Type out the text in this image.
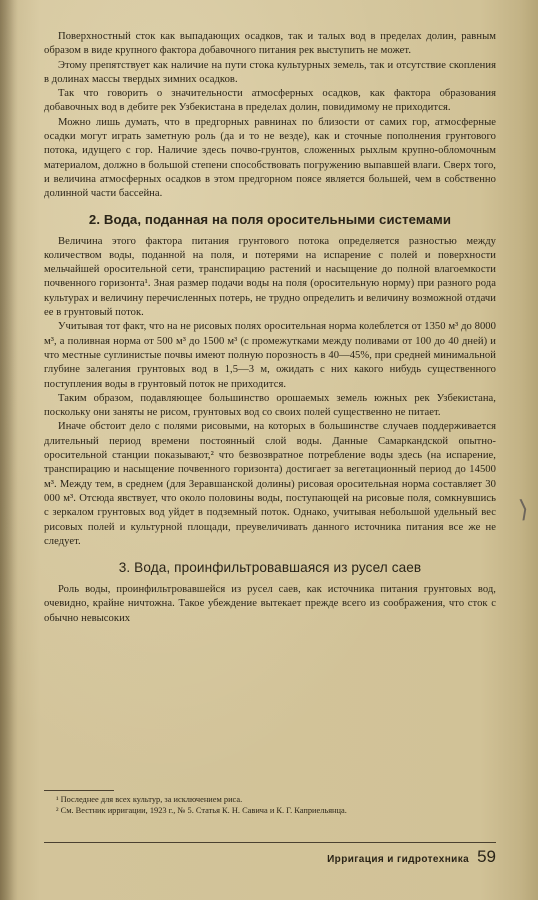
Поверхностный сток как выпадающих осадков, так и талых вод в пределах долин, равным образом в виде крупного фактора добавочного питания рек выступить не может.

Этому препятствует как наличие на пути стока культурных земель, так и отсутствие скопления в долинах массы твердых зимних осадков.

Так что говорить о значительности атмосферных осадков, как фактора образования добавочных вод в дебите рек Узбекистана в пределах долин, повидимому не приходится.

Можно лишь думать, что в предгорных равнинах по близости от самих гор, атмосферные осадки могут играть заметную роль (да и то не везде), как и сточные пополнения грунтового потока, идущего с гор. Наличие здесь почво-грунтов, сложенных рыхлым крупно-обломочным материалом, должно в большой степени способствовать погружению выпавшей влаги. Сверх того, и величина атмосферных осадков в этом предгорном поясе является большей, чем в собственно долинной части бассейна.

2. Вода, поданная на поля оросительными системами

Величина этого фактора питания грунтового потока определяется разностью между количеством воды, поданной на поля, и потерями на испарение с полей и поверхности мельчайшей оросительной сети, транспирацию растений и насыщение до полной влагоемкости почвенного горизонта¹. Зная размер подачи воды на поля (оросительную норму) при разного рода культурах и величину перечисленных потерь, не трудно определить и величину возможной отдачи ее в грунтовый поток.

Учитывая тот факт, что на не рисовых полях оросительная норма колеблется от 1350 м³ до 8000 м³, а поливная норма от 500 м³ до 1500 м³ (с промежутками между поливами от 100 до 40 дней) и что местные суглинистые почвы имеют полную порозность в 40—45%, при средней минимальной глубине залегания грунтовых вод в 1,5—3 м, ожидать с них какого нибудь существенного поступления воды в грунтовый поток не приходится.

Таким образом, подавляющее большинство орошаемых земель южных рек Узбекистана, поскольку они заняты не рисом, грунтовых вод со своих полей существенно не питает.

Иначе обстоит дело с полями рисовыми, на которых в большинстве случаев поддерживается длительный период времени постоянный слой воды. Данные Самаркандской опытно-оросительной станции показывают,² что безвозвратное потребление воды здесь (на испарение, транспирацию и насыщение почвенного горизонта) достигает за вегетационный период до 14500 м³. Между тем, в среднем (для Зеравшанской долины) рисовая оросительная норма составляет 30 000 м³. Отсюда явствует, что около половины воды, поступающей на рисовые поля, сомкнувшись с зеркалом грунтовых вод уйдет в подземный поток. Однако, учитывая небольшой удельный вес рисовых полей и культурной площади, преувеличивать данного источника питания все же не следует.

3. Вода, проинфильтровавшаяся из русел саев

Роль воды, проинфильтровавшейся из русел саев, как источника питания грунтовых вод, очевидно, крайне ничтожна. Такое убеждение вытекает прежде всего из соображения, что сток с обычно невысоких

¹ Последнее для всех культур, за исключением риса.

² См. Вестник ирригации, 1923 г., № 5. Статья К. Н. Савича и К. Г. Каприельянца.

Ирригация и гидротехника 59
⟩
